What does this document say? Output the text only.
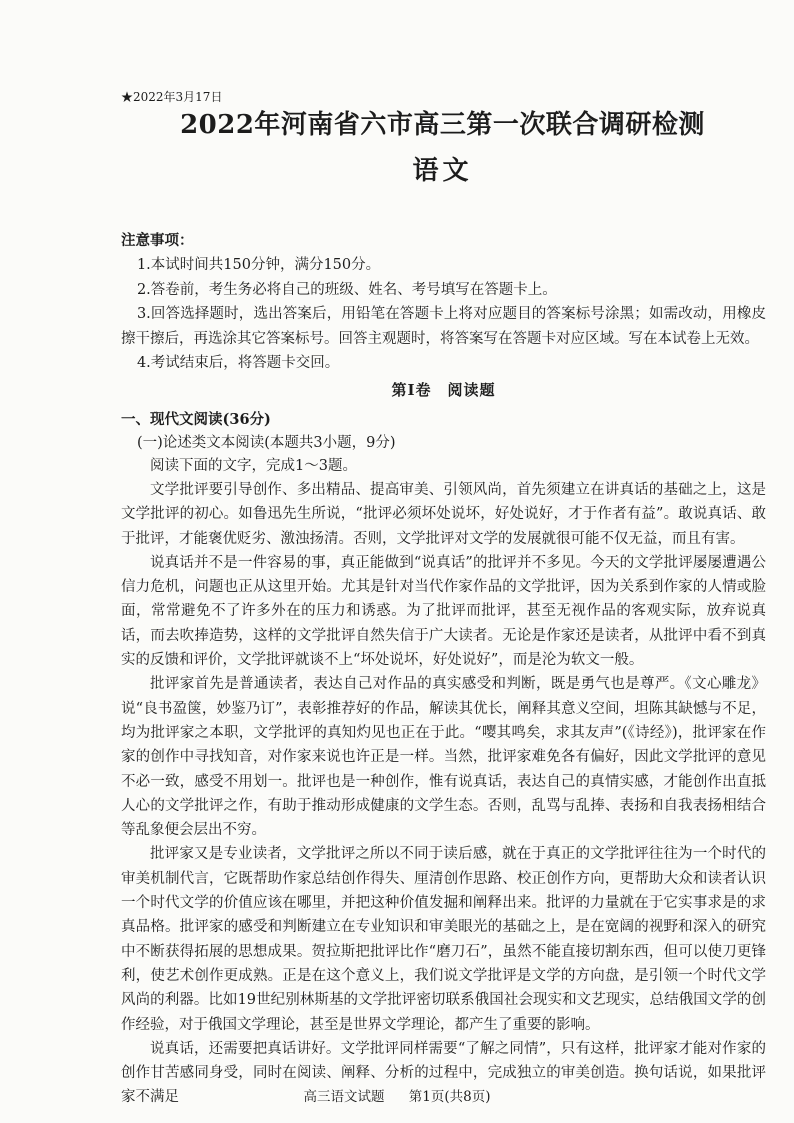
★2022年3月17日
2022年河南省六市高三第一次联合调研检测
语文
注意事项：

1.本试时间共150分钟，满分150分。

2.答卷前，考生务必将自己的班级、姓名、考号填写在答题卡上。

3.回答选择题时，选出答案后，用铅笔在答题卡上将对应题目的答案标号涂黑；如需改动，用橡皮擦干擦后，再选涂其它答案标号。回答主观题时，将答案写在答题卡对应区域。写在本试卷上无效。

4.考试结束后，将答题卡交回。

第Ⅰ卷　阅读题
一、现代文阅读(36分)
(一)论述类文本阅读(本题共3小题，9分)
阅读下面的文字，完成1～3题。

文学批评要引导创作、多出精品、提高审美、引领风尚，首先须建立在讲真话的基础之上，这是文学批评的初心。如鲁迅先生所说，“批评必须坏处说坏，好处说好，才于作者有益”。敢说真话、敢于批评，才能褒优贬劣、激浊扬清。否则，文学批评对文学的发展就很可能不仅无益，而且有害。

说真话并不是一件容易的事，真正能做到“说真话”的批评并不多见。今天的文学批评屡屡遭遇公信力危机，问题也正从这里开始。尤其是针对当代作家作品的文学批评，因为关系到作家的人情或脸面，常常避免不了许多外在的压力和诱惑。为了批评而批评，甚至无视作品的客观实际，放弃说真话，而去吹捧造势，这样的文学批评自然失信于广大读者。无论是作家还是读者，从批评中看不到真实的反馈和评价，文学批评就谈不上“坏处说坏，好处说好”，而是沦为软文一般。

批评家首先是普通读者，表达自己对作品的真实感受和判断，既是勇气也是尊严。《文心雕龙》说“良书盈箧，妙鉴乃订”，表彰推荐好的作品，解读其优长，阐释其意义空间，坦陈其缺憾与不足，均为批评家之本职，文学批评的真知灼见也正在于此。“嘤其鸣矣，求其友声”(《诗经》)，批评家在作家的创作中寻找知音，对作家来说也许正是一样。当然，批评家难免各有偏好，因此文学批评的意见不必一致，感受不用划一。批评也是一种创作，惟有说真话，表达自己的真情实感，才能创作出直抵人心的文学批评之作，有助于推动形成健康的文学生态。否则，乱骂与乱捧、表扬和自我表扬相结合等乱象便会层出不穷。

批评家又是专业读者，文学批评之所以不同于读后感，就在于真正的文学批评往往为一个时代的审美机制代言，它既帮助作家总结创作得失、厘清创作思路、校正创作方向，更帮助大众和读者认识一个时代文学的价值应该在哪里，并把这种价值发掘和阐释出来。批评的力量就在于它实事求是的求真品格。批评家的感受和判断建立在专业知识和审美眼光的基础之上，是在宽阔的视野和深入的研究中不断获得拓展的思想成果。贺拉斯把批评比作“磨刀石”，虽然不能直接切割东西，但可以使刀更锋利，使艺术创作更成熟。正是在这个意义上，我们说文学批评是文学的方向盘，是引领一个时代文学风尚的利器。比如19世纪别林斯基的文学批评密切联系俄国社会现实和文艺现实，总结俄国文学的创作经验，对于俄国文学理论，甚至是世界文学理论，都产生了重要的影响。

说真话，还需要把真话讲好。文学批评同样需要“了解之同情”，只有这样，批评家才能对作家的创作甘苦感同身受，同时在阅读、阐释、分析的过程中，完成独立的审美创造。换句话说，如果批评家不满足	高三语文试题 第1页(共8页)
